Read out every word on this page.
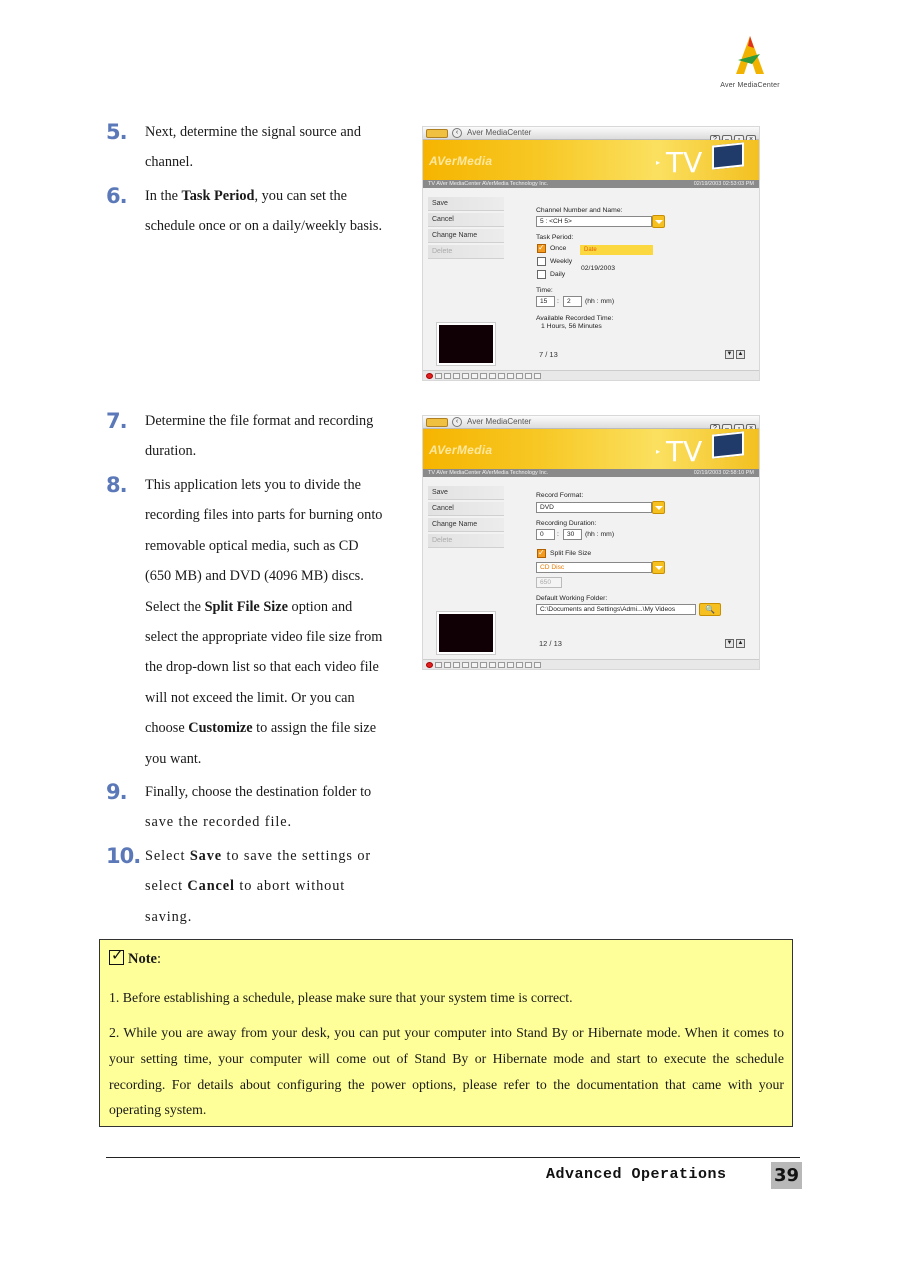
Aver MediaCenter
5. Next, determine the signal source and
channel.
6. In the Task Period, you can set the
schedule once or on a daily/weekly basis.
7. Determine the file format and recording
duration.
8. This application lets you to divide the
recording files into parts for burning onto
removable optical media, such as CD
(650 MB) and DVD (4096 MB) discs.
Select the Split File Size option and
select the appropriate video file size from
the drop-down list so that each video file
will not exceed the limit. Or you can
choose Customize to assign the file size
you want.
9. Finally, choose the destination folder to
save the recorded file.
10. Select Save to save the settings or
select Cancel to abort without
saving.
‹	Aver MediaCenter
AVerMedia	▸ TV
TV AVer MediaCenter AVerMedia Technology Inc.	02/19/2003 02:53:03 PM
Save
Cancel
Change Name
Delete
Channel Number and Name:
5 : <CH 5>
Task Period:
✓
Once	Date
Weekly
Daily
02/19/2003
Time:
15	:	2	(hh : mm)
Available Recorded Time:
1 Hours, 56 Minutes
7 / 13	▼ ▲
‹	Aver MediaCenter
AVerMedia	▸ TV
TV AVer MediaCenter AVerMedia Technology Inc.	02/19/2003 02:58:10 PM
Save
Cancel
Change Name
Delete
Record Format:
DVD
Recording Duration:
0	:	30	(hh : mm)
✓
Split File Size
CD Disc
650
Default Working Folder:
C:\Documents and Settings\Admi...\My Videos	🔍
12 / 13	▼ ▲
✓Note:

1. Before establishing a schedule, please make sure that your system time is correct.

2. While you are away from your desk, you can put your computer into Stand By or Hibernate mode. When it comes to your setting time, your computer will come out of Stand By or Hibernate mode and start to execute the schedule recording. For details about configuring the power options, please refer to the documentation that came with your operating system.

Advanced Operations	39
